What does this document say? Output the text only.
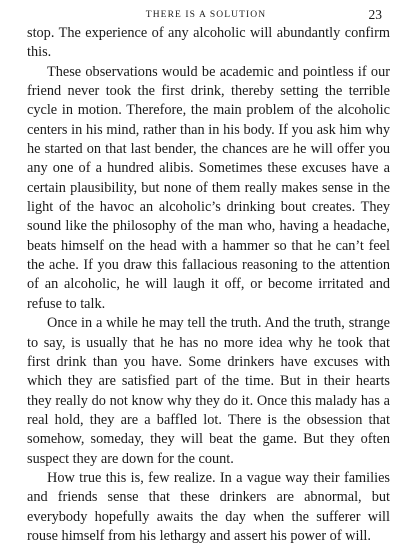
THERE IS A SOLUTION	23

stop. The experience of any alcoholic will abundantly confirm this.

These observations would be academic and pointless if our friend never took the first drink, thereby setting the terrible cycle in motion. Therefore, the main problem of the alcoholic centers in his mind, rather than in his body. If you ask him why he started on that last bender, the chances are he will offer you any one of a hundred alibis. Sometimes these excuses have a certain plausibility, but none of them really makes sense in the light of the havoc an alcoholic’s drinking bout creates. They sound like the philosophy of the man who, having a headache, beats himself on the head with a hammer so that he can’t feel the ache. If you draw this fallacious reasoning to the attention of an alcoholic, he will laugh it off, or become irritated and refuse to talk.

Once in a while he may tell the truth. And the truth, strange to say, is usually that he has no more idea why he took that first drink than you have. Some drinkers have excuses with which they are satisfied part of the time. But in their hearts they really do not know why they do it. Once this malady has a real hold, they are a baffled lot. There is the obsession that somehow, someday, they will beat the game. But they often suspect they are down for the count.

How true this is, few realize. In a vague way their families and friends sense that these drinkers are abnormal, but everybody hopefully awaits the day when the sufferer will rouse himself from his lethargy and assert his power of will.
